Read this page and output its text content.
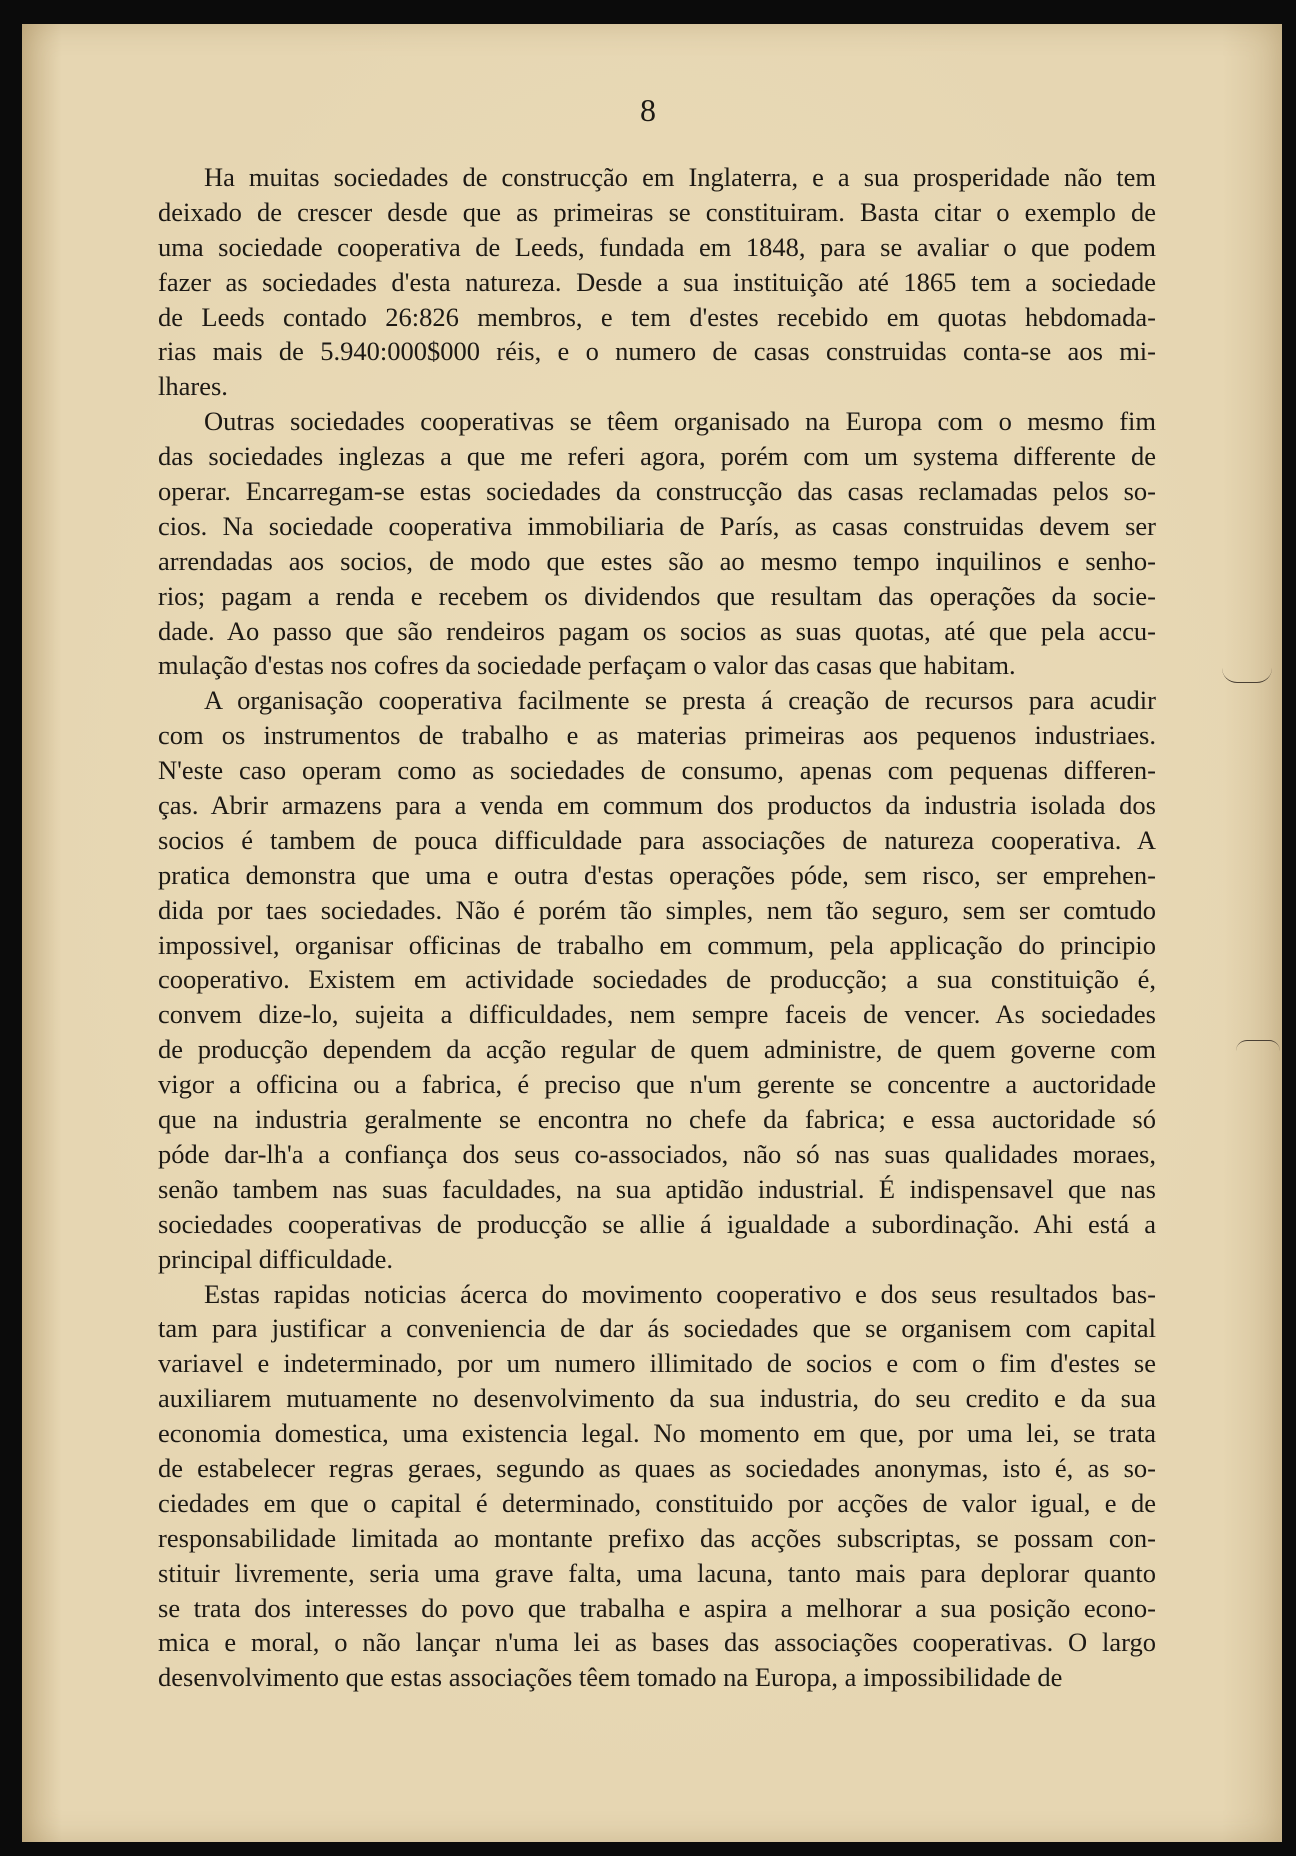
8
Ha muitas sociedades de construcção em Inglaterra, e a sua prosperidade não tem
deixado de crescer desde que as primeiras se constituiram. Basta citar o exemplo de
uma sociedade cooperativa de Leeds, fundada em 1848, para se avaliar o que podem
fazer as sociedades d'esta natureza. Desde a sua instituição até 1865 tem a sociedade
de Leeds contado 26:826 membros, e tem d'estes recebido em quotas hebdomada-
rias mais de 5.940:000$000 réis, e o numero de casas construidas conta-se aos mi-
lhares.
Outras sociedades cooperativas se têem organisado na Europa com o mesmo fim
das sociedades inglezas a que me referi agora, porém com um systema differente de
operar. Encarregam-se estas sociedades da construcção das casas reclamadas pelos so-
cios. Na sociedade cooperativa immobiliaria de París, as casas construidas devem ser
arrendadas aos socios, de modo que estes são ao mesmo tempo inquilinos e senho-
rios; pagam a renda e recebem os dividendos que resultam das operações da socie-
dade. Ao passo que são rendeiros pagam os socios as suas quotas, até que pela accu-
mulação d'estas nos cofres da sociedade perfaçam o valor das casas que habitam.
A organisação cooperativa facilmente se presta á creação de recursos para acudir
com os instrumentos de trabalho e as materias primeiras aos pequenos industriaes.
N'este caso operam como as sociedades de consumo, apenas com pequenas differen-
ças. Abrir armazens para a venda em commum dos productos da industria isolada dos
socios é tambem de pouca difficuldade para associações de natureza cooperativa. A
pratica demonstra que uma e outra d'estas operações póde, sem risco, ser emprehen-
dida por taes sociedades. Não é porém tão simples, nem tão seguro, sem ser comtudo
impossivel, organisar officinas de trabalho em commum, pela applicação do principio
cooperativo. Existem em actividade sociedades de producção; a sua constituição é,
convem dize-lo, sujeita a difficuldades, nem sempre faceis de vencer. As sociedades
de producção dependem da acção regular de quem administre, de quem governe com
vigor a officina ou a fabrica, é preciso que n'um gerente se concentre a auctoridade
que na industria geralmente se encontra no chefe da fabrica; e essa auctoridade só
póde dar-lh'a a confiança dos seus co-associados, não só nas suas qualidades moraes,
senão tambem nas suas faculdades, na sua aptidão industrial. É indispensavel que nas
sociedades cooperativas de producção se allie á igualdade a subordinação. Ahi está a
principal difficuldade.
Estas rapidas noticias ácerca do movimento cooperativo e dos seus resultados bas-
tam para justificar a conveniencia de dar ás sociedades que se organisem com capital
variavel e indeterminado, por um numero illimitado de socios e com o fim d'estes se
auxiliarem mutuamente no desenvolvimento da sua industria, do seu credito e da sua
economia domestica, uma existencia legal. No momento em que, por uma lei, se trata
de estabelecer regras geraes, segundo as quaes as sociedades anonymas, isto é, as so-
ciedades em que o capital é determinado, constituido por acções de valor igual, e de
responsabilidade limitada ao montante prefixo das acções subscriptas, se possam con-
stituir livremente, seria uma grave falta, uma lacuna, tanto mais para deplorar quanto
se trata dos interesses do povo que trabalha e aspira a melhorar a sua posição econo-
mica e moral, o não lançar n'uma lei as bases das associações cooperativas. O largo
desenvolvimento que estas associações têem tomado na Europa, a impossibilidade de
